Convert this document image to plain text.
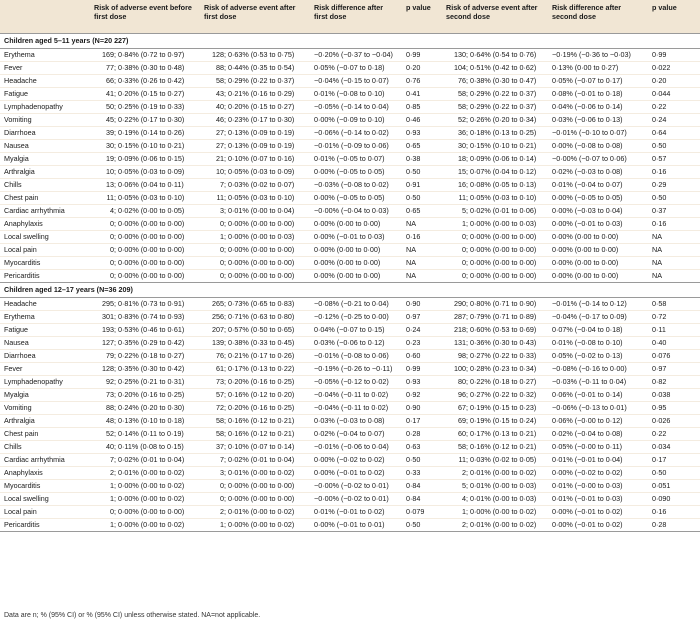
	Risk of adverse event before first dose	Risk of adverse event after first dose	Risk difference after first dose	p value	Risk of adverse event after second dose	Risk difference after second dose	p value
Children aged 5–11 years (N=20 227)							
Erythema	169 ; 0·84% (0·72 to 0·97)	128 ; 0·63% (0·53 to 0·75)	−0·20% (−0·37 to −0·04)	0·99	130 ; 0·64% (0·54 to 0·76)	−0·19% (−0·36 to −0·03)	0·99
Fever	77 ; 0·38% (0·30 to 0·48)	88 ; 0·44% (0·35 to 0·54)	0·05% (−0·07 to 0·18)	0·20	104 ; 0·51% (0·42 to 0·62)	0·13% (0·00 to 0·27)	0·022
Headache	66 ; 0·33% (0·26 to 0·42)	58 ; 0·29% (0·22 to 0·37)	−0·04% (−0·15 to 0·07)	0·76	76 ; 0·38% (0·30 to 0·47)	0·05% (−0·07 to 0·17)	0·20
Fatigue	41 ; 0·20% (0·15 to 0·27)	43 ; 0·21% (0·16 to 0·29)	0·01% (−0·08 to 0·10)	0·41	58 ; 0·29% (0·22 to 0·37)	0·08% (−0·01 to 0·18)	0·044
Lymphadenopathy	50 ; 0·25% (0·19 to 0·33)	40 ; 0·20% (0·15 to 0·27)	−0·05% (−0·14 to 0·04)	0·85	58 ; 0·29% (0·22 to 0·37)	0·04% (−0·06 to 0·14)	0·22
Vomiting	45 ; 0·22% (0·17 to 0·30)	46 ; 0·23% (0·17 to 0·30)	0·00% (−0·09 to 0·10)	0·46	52 ; 0·26% (0·20 to 0·34)	0·03% (−0·06 to 0·13)	0·24
Diarrhoea	39 ; 0·19% (0·14 to 0·26)	27 ; 0·13% (0·09 to 0·19)	−0·06% (−0·14 to 0·02)	0·93	36 ; 0·18% (0·13 to 0·25)	−0·01% (−0·10 to 0·07)	0·64
Nausea	30 ; 0·15% (0·10 to 0·21)	27 ; 0·13% (0·09 to 0·19)	−0·01% (−0·09 to 0·06)	0·65	30 ; 0·15% (0·10 to 0·21)	0·00% (−0·08 to 0·08)	0·50
Myalgia	19 ; 0·09% (0·06 to 0·15)	21 ; 0·10% (0·07 to 0·16)	0·01% (−0·05 to 0·07)	0·38	18 ; 0·09% (0·06 to 0·14)	−0·00% (−0·07 to 0·06)	0·57
Arthralgia	10 ; 0·05% (0·03 to 0·09)	10 ; 0·05% (0·03 to 0·09)	0·00% (−0·05 to 0·05)	0·50	15 ; 0·07% (0·04 to 0·12)	0·02% (−0·03 to 0·08)	0·16
Chills	13 ; 0·06% (0·04 to 0·11)	7 ; 0·03% (0·02 to 0·07)	−0·03% (−0·08 to 0·02)	0·91	16 ; 0·08% (0·05 to 0·13)	0·01% (−0·04 to 0·07)	0·29
Chest pain	11 ; 0·05% (0·03 to 0·10)	11 ; 0·05% (0·03 to 0·10)	0·00% (−0·05 to 0·05)	0·50	11 ; 0·05% (0·03 to 0·10)	0·00% (−0·05 to 0·05)	0·50
Cardiac arrhythmia	4 ; 0·02% (0·00 to 0·05)	3 ; 0·01% (0·00 to 0·04)	−0·00% (−0·04 to 0·03)	0·65	5 ; 0·02% (0·01 to 0·06)	0·00% (−0·03 to 0·04)	0·37
Anaphylaxis	0 ; 0·00% (0·00 to 0·00)	0 ; 0·00% (0·00 to 0·00)	0·00% (0·00 to 0·00)	NA	1 ; 0·00% (0·00 to 0·03)	0·00% (−0·01 to 0·03)	0·16
Local swelling	0 ; 0·00% (0·00 to 0·00)	1 ; 0·00% (0·00 to 0·03)	0·00% (−0·01 to 0·03)	0·16	0 ; 0·00% (0·00 to 0·00)	0·00% (0·00 to 0·00)	NA
Local pain	0 ; 0·00% (0·00 to 0·00)	0 ; 0·00% (0·00 to 0·00)	0·00% (0·00 to 0·00)	NA	0 ; 0·00% (0·00 to 0·00)	0·00% (0·00 to 0·00)	NA
Myocarditis	0 ; 0·00% (0·00 to 0·00)	0 ; 0·00% (0·00 to 0·00)	0·00% (0·00 to 0·00)	NA	0 ; 0·00% (0·00 to 0·00)	0·00% (0·00 to 0·00)	NA
Pericarditis	0 ; 0·00% (0·00 to 0·00)	0 ; 0·00% (0·00 to 0·00)	0·00% (0·00 to 0·00)	NA	0 ; 0·00% (0·00 to 0·00)	0·00% (0·00 to 0·00)	NA
Children aged 12–17 years (N=36 209)							
Headache	295 ; 0·81% (0·73 to 0·91)	265 ; 0·73% (0·65 to 0·83)	−0·08% (−0·21 to 0·04)	0·90	290 ; 0·80% (0·71 to 0·90)	−0·01% (−0·14 to 0·12)	0·58
Erythema	301 ; 0·83% (0·74 to 0·93)	256 ; 0·71% (0·63 to 0·80)	−0·12% (−0·25 to 0·00)	0·97	287 ; 0·79% (0·71 to 0·89)	−0·04% (−0·17 to 0·09)	0·72
Fatigue	193 ; 0·53% (0·46 to 0·61)	207 ; 0·57% (0·50 to 0·65)	0·04% (−0·07 to 0·15)	0·24	218 ; 0·60% (0·53 to 0·69)	0·07% (−0·04 to 0·18)	0·11
Nausea	127 ; 0·35% (0·29 to 0·42)	139 ; 0·38% (0·33 to 0·45)	0·03% (−0·06 to 0·12)	0·23	131 ; 0·36% (0·30 to 0·43)	0·01% (−0·08 to 0·10)	0·40
Diarrhoea	79 ; 0·22% (0·18 to 0·27)	76 ; 0·21% (0·17 to 0·26)	−0·01% (−0·08 to 0·06)	0·60	98 ; 0·27% (0·22 to 0·33)	0·05% (−0·02 to 0·13)	0·076
Fever	128 ; 0·35% (0·30 to 0·42)	61 ; 0·17% (0·13 to 0·22)	−0·19% (−0·26 to −0·11)	0·99	100 ; 0·28% (0·23 to 0·34)	−0·08% (−0·16 to 0·00)	0·97
Lymphadenopathy	92 ; 0·25% (0·21 to 0·31)	73 ; 0·20% (0·16 to 0·25)	−0·05% (−0·12 to 0·02)	0·93	80 ; 0·22% (0·18 to 0·27)	−0·03% (−0·11 to 0·04)	0·82
Myalgia	73 ; 0·20% (0·16 to 0·25)	57 ; 0·16% (0·12 to 0·20)	−0·04% (−0·11 to 0·02)	0·92	96 ; 0·27% (0·22 to 0·32)	0·06% (−0·01 to 0·14)	0·038
Vomiting	88 ; 0·24% (0·20 to 0·30)	72 ; 0·20% (0·16 to 0·25)	−0·04% (−0·11 to 0·02)	0·90	67 ; 0·19% (0·15 to 0·23)	−0·06% (−0·13 to 0·01)	0·95
Arthralgia	48 ; 0·13% (0·10 to 0·18)	58 ; 0·16% (0·12 to 0·21)	0·03% (−0·03 to 0·08)	0·17	69 ; 0·19% (0·15 to 0·24)	0·06% (−0·00 to 0·12)	0·026
Chest pain	52 ; 0·14% (0·11 to 0·19)	58 ; 0·16% (0·12 to 0·21)	0·02% (−0·04 to 0·07)	0·28	60 ; 0·17% (0·13 to 0·21)	0·02% (−0·04 to 0·08)	0·22
Chills	40 ; 0·11% (0·08 to 0·15)	37 ; 0·10% (0·07 to 0·14)	−0·01% (−0·06 to 0·04)	0·63	58 ; 0·16% (0·12 to 0·21)	0·05% (−0·00 to 0·11)	0·034
Cardiac arrhythmia	7 ; 0·02% (0·01 to 0·04)	7 ; 0·02% (0·01 to 0·04)	0·00% (−0·02 to 0·02)	0·50	11 ; 0·03% (0·02 to 0·05)	0·01% (−0·01 to 0·04)	0·17
Anaphylaxis	2 ; 0·01% (0·00 to 0·02)	3 ; 0·01% (0·00 to 0·02)	0·00% (−0·01 to 0·02)	0·33	2 ; 0·01% (0·00 to 0·02)	0·00% (−0·02 to 0·02)	0·50
Myocarditis	1 ; 0·00% (0·00 to 0·02)	0 ; 0·00% (0·00 to 0·00)	−0·00% (−0·02 to 0·01)	0·84	5 ; 0·01% (0·00 to 0·03)	0·01% (−0·00 to 0·03)	0·051
Local swelling	1 ; 0·00% (0·00 to 0·02)	0 ; 0·00% (0·00 to 0·00)	−0·00% (−0·02 to 0·01)	0·84	4 ; 0·01% (0·00 to 0·03)	0·01% (−0·01 to 0·03)	0·090
Local pain	0 ; 0·00% (0·00 to 0·00)	2 ; 0·01% (0·00 to 0·02)	0·01% (−0·01 to 0·02)	0·079	1 ; 0·00% (0·00 to 0·02)	0·00% (−0·01 to 0·02)	0·16
Pericarditis	1 ; 0·00% (0·00 to 0·02)	1 ; 0·00% (0·00 to 0·02)	0·00% (−0·01 to 0·01)	0·50	2 ; 0·01% (0·00 to 0·02)	0·00% (−0·01 to 0·02)	0·28
Data are n; % (95% CI) or % (95% CI) unless otherwise stated. NA=not applicable.
